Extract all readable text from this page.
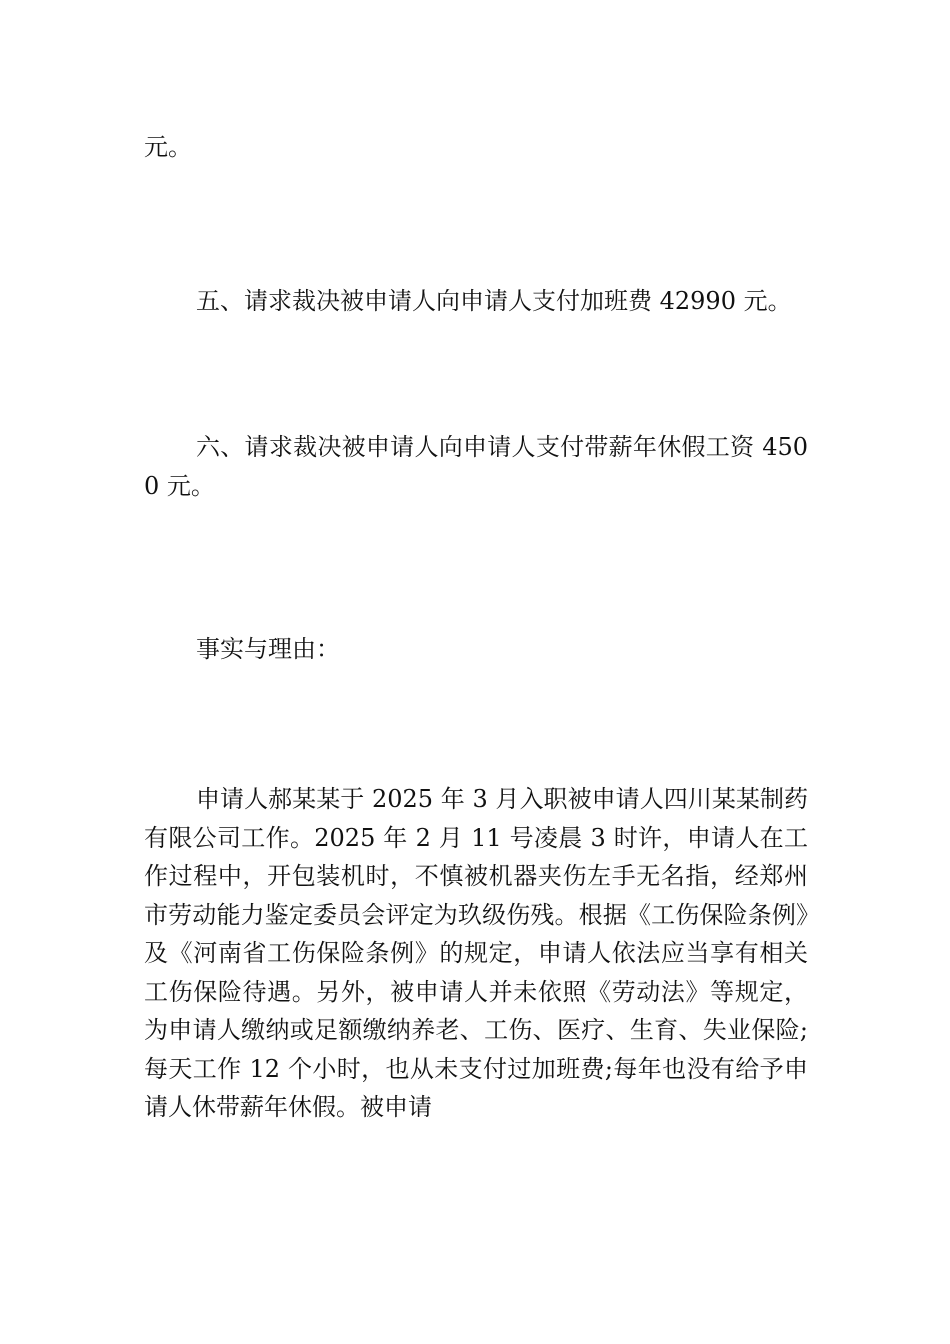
元。

五、请求裁决被申请人向申请人支付加班费 42990 元。

六、请求裁决被申请人向申请人支付带薪年休假工资 4500 元。

事实与理由：

申请人郝某某于 2025 年 3 月入职被申请人四川某某制药有限公司工作。2025 年 2 月 11 号凌晨 3 时许，申请人在工作过程中，开包装机时，不慎被机器夹伤左手无名指，经郑州市劳动能力鉴定委员会评定为玖级伤残。根据《工伤保险条例》及《河南省工伤保险条例》的规定，申请人依法应当享有相关工伤保险待遇。另外，被申请人并未依照《劳动法》等规定，为申请人缴纳或足额缴纳养老、工伤、医疗、生育、失业保险;每天工作 12 个小时，也从未支付过加班费;每年也没有给予申请人休带薪年休假。被申请
